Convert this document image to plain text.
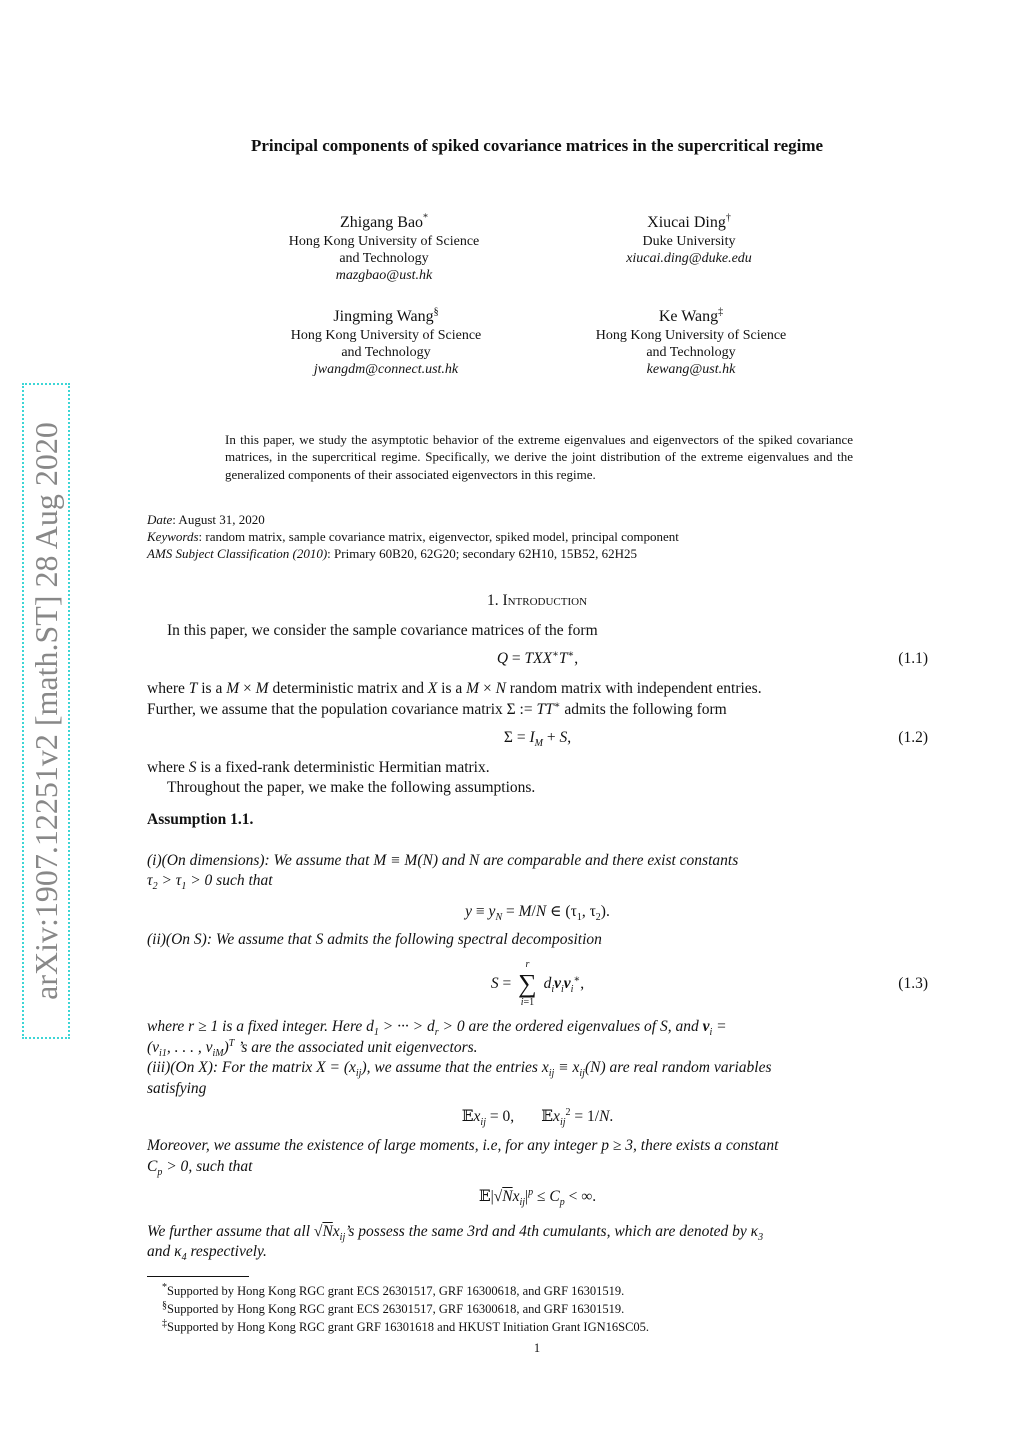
arXiv:1907.12251v2 [math.ST] 28 Aug 2020
Principal components of spiked covariance matrices in the supercritical regime
Zhigang Bao*
Hong Kong University of Science
and Technology
mazgbao@ust.hk
Xiucai Ding†
Duke University
xiucai.ding@duke.edu
Jingming Wang§
Hong Kong University of Science
and Technology
jwangdm@connect.ust.hk
Ke Wang‡
Hong Kong University of Science
and Technology
kewang@ust.hk
In this paper, we study the asymptotic behavior of the extreme eigenvalues and eigenvectors of the spiked covariance matrices, in the supercritical regime. Specifically, we derive the joint distribution of the extreme eigenvalues and the generalized components of their associated eigenvectors in this regime.
Date: August 31, 2020
Keywords: random matrix, sample covariance matrix, eigenvector, spiked model, principal component
AMS Subject Classification (2010): Primary 60B20, 62G20; secondary 62H10, 15B52, 62H25
1. Introduction
In this paper, we consider the sample covariance matrices of the form
Q = TXX∗T∗,	(1.1)
where T is a M × M deterministic matrix and X is a M × N random matrix with independent entries.
Further, we assume that the population covariance matrix Σ := TT∗ admits the following form
$\Sigma = I_M + S$,	(1.2)
where S is a fixed-rank deterministic Hermitian matrix.
Throughout the paper, we make the following assumptions.
Assumption 1.1.
(i)(On dimensions): We assume that M ≡ M(N) and N are comparable and there exist constants
$\tau_2 > \tau_1 > 0$ such that
$y \equiv y_N = M/N$ ∈ ($\tau_1$, $\tau_2$).
(ii)(On S): We assume that S admits the following spectral decomposition
S =
r
∑
i=1
$d_iv_iv_i^∗$,	(1.3)
where r ≥ 1 is a fixed integer. Here $d_1$ > ··· > $d_r > 0$ are the ordered eigenvalues of S, and $v_i$ =
($v_{i1}$, . . . , $v_{iM})^T$ ’s are the associated unit eigenvectors.
(iii)(On X): For the matrix $X = (x_{ij})$, we assume that the entries $x_{ij} \equiv x_{ij}(N)$ are real random variables
satisfying
𝔼x$_{ij}$ = 0,       𝔼x$_{ij}^2$ = 1/N.
Moreover, we assume the existence of large moments, i.e, for any integer p ≥ 3, there exists a constant
$C_p > 0$, such that
$𝔼|√Nx_{ij}|^p \le C_p$ < ∞.
We further assume that all $√Nx_{ij}’s$ possess the same 3rd and 4th cumulants, which are denoted by $\kappa_3$
and $\kappa_4$ respectively.
*Supported by Hong Kong RGC grant ECS 26301517, GRF 16300618, and GRF 16301519.
§Supported by Hong Kong RGC grant ECS 26301517, GRF 16300618, and GRF 16301519.
‡Supported by Hong Kong RGC grant GRF 16301618 and HKUST Initiation Grant IGN16SC05.
1
